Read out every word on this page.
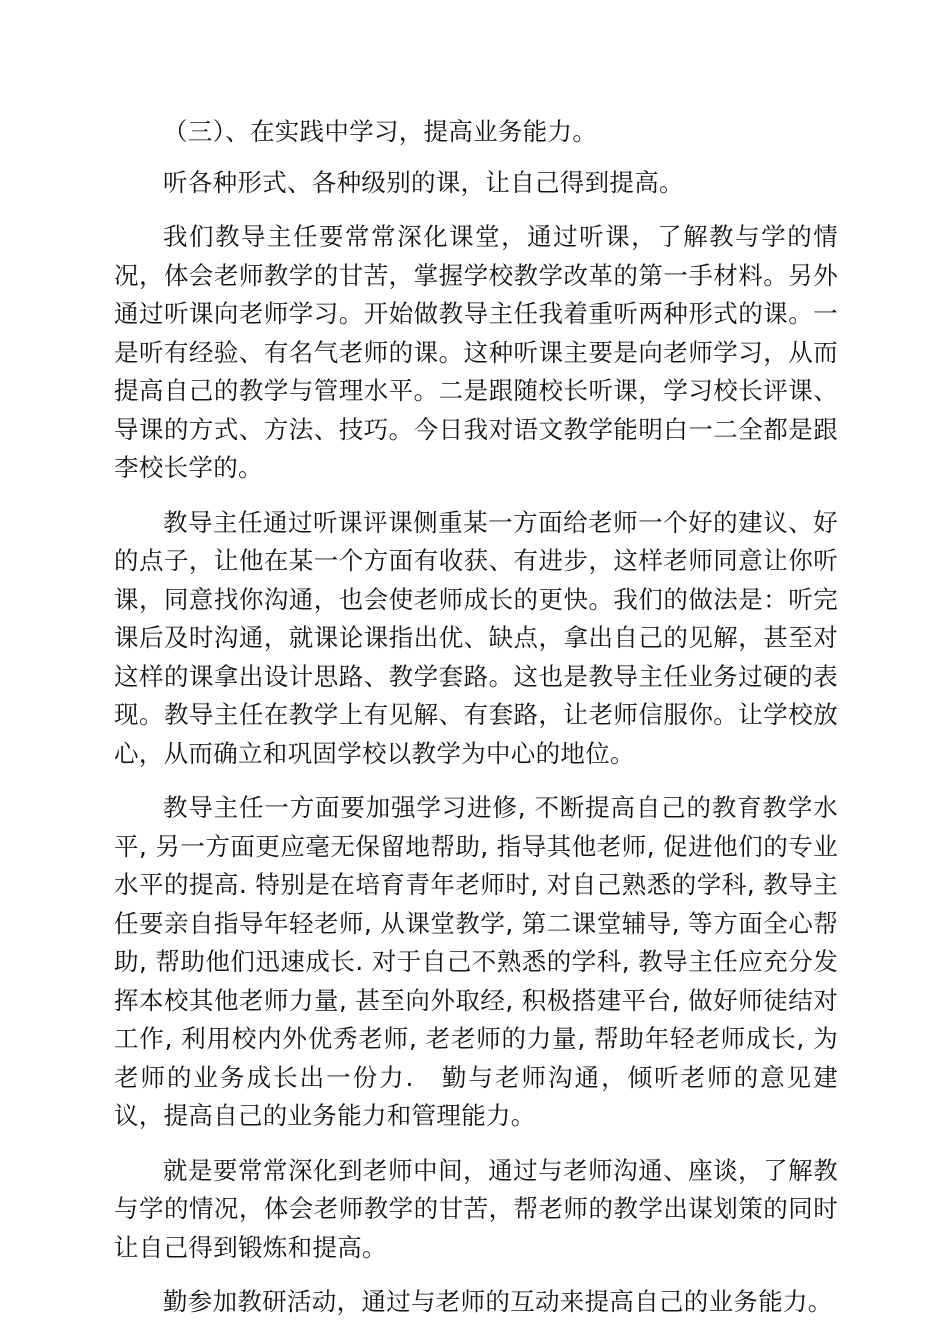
（三）、在实践中学习，提高业务能力。

听各种形式、各种级别的课，让自己得到提高。

我们教导主任要常常深化课堂，通过听课，了解教与学的情况，体会老师教学的甘苦，掌握学校教学改革的第一手材料。另外通过听课向老师学习。开始做教导主任我着重听两种形式的课。一是听有经验、有名气老师的课。这种听课主要是向老师学习，从而提高自己的教学与管理水平。二是跟随校长听课，学习校长评课、导课的方式、方法、技巧。今日我对语文教学能明白一二全都是跟李校长学的。

教导主任通过听课评课侧重某一方面给老师一个好的建议、好的点子，让他在某一个方面有收获、有进步，这样老师同意让你听课，同意找你沟通，也会使老师成长的更快。我们的做法是：听完课后及时沟通，就课论课指出优、缺点，拿出自己的见解，甚至对这样的课拿出设计思路、教学套路。这也是教导主任业务过硬的表现。教导主任在教学上有见解、有套路，让老师信服你。让学校放心，从而确立和巩固学校以教学为中心的地位。

教导主任一方面要加强学习进修, 不断提高自己的教育教学水平, 另一方面更应毫无保留地帮助, 指导其他老师, 促进他们的专业水平的提高. 特别是在培育青年老师时, 对自己熟悉的学科, 教导主任要亲自指导年轻老师, 从课堂教学, 第二课堂辅导, 等方面全心帮助, 帮助他们迅速成长. 对于自己不熟悉的学科, 教导主任应充分发挥本校其他老师力量, 甚至向外取经, 积极搭建平台, 做好师徒结对工作, 利用校内外优秀老师, 老老师的力量, 帮助年轻老师成长, 为老师的业务成长出一份力.　勤与老师沟通，倾听老师的意见建议，提高自己的业务能力和管理能力。

就是要常常深化到老师中间，通过与老师沟通、座谈，了解教与学的情况，体会老师教学的甘苦，帮老师的教学出谋划策的同时让自己得到锻炼和提高。

勤参加教研活动，通过与老师的互动来提高自己的业务能力。
